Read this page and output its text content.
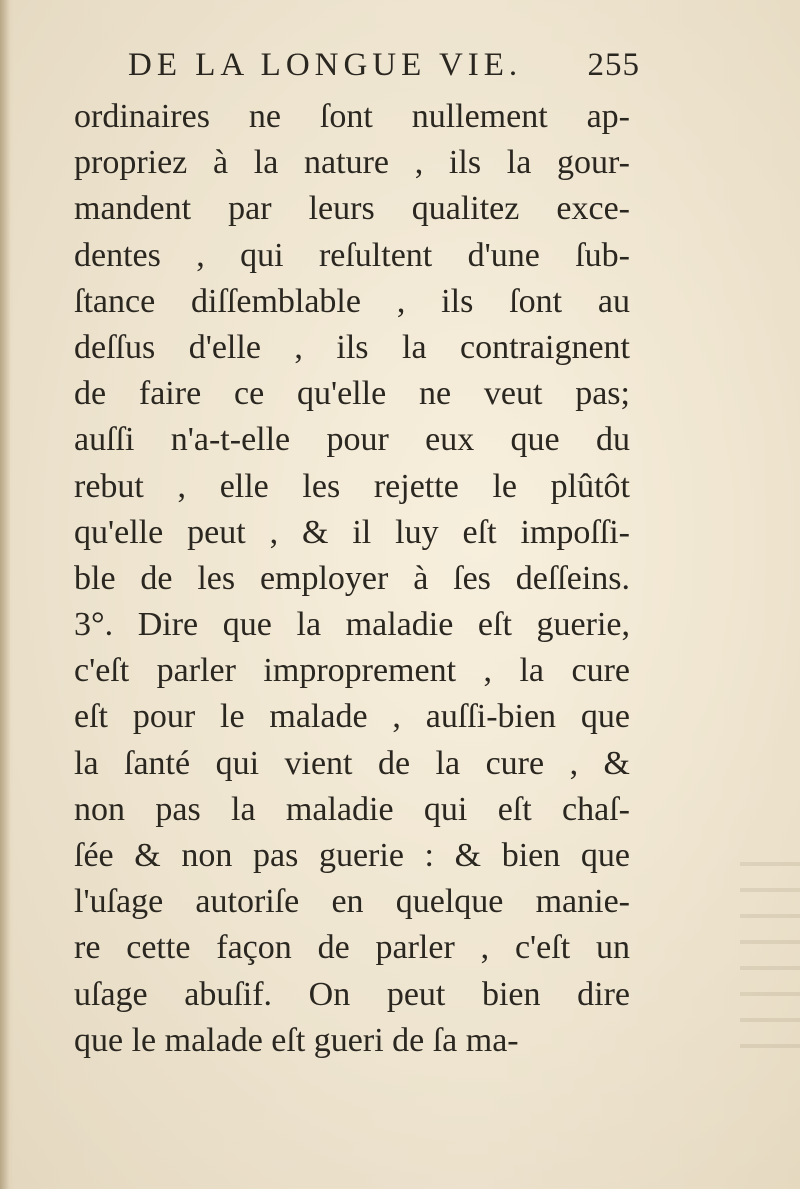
DE LA LONGUE VIE. 255
ordinaires ne ſont nullement ap-
propriez à la nature , ils la gour-
mandent par leurs qualitez exce-
dentes , qui reſultent d'une ſub-
ſtance diſſemblable , ils ſont au
deſſus d'elle , ils la contraignent
de faire ce qu'elle ne veut pas;
auſſi n'a-t-elle pour eux que du
rebut , elle les rejette le plûtôt
qu'elle peut , & il luy eſt impoſſi-
ble de les employer à ſes deſſeins.
3°. Dire que la maladie eſt guerie,
c'eſt parler improprement , la cure
eſt pour le malade , auſſi-bien que
la ſanté qui vient de la cure , &
non pas la maladie qui eſt chaſ-
ſée & non pas guerie : & bien que
l'uſage autoriſe en quelque manie-
re cette façon de parler , c'eſt un
uſage abuſif. On peut bien dire
que le malade eſt gueri de ſa ma-
